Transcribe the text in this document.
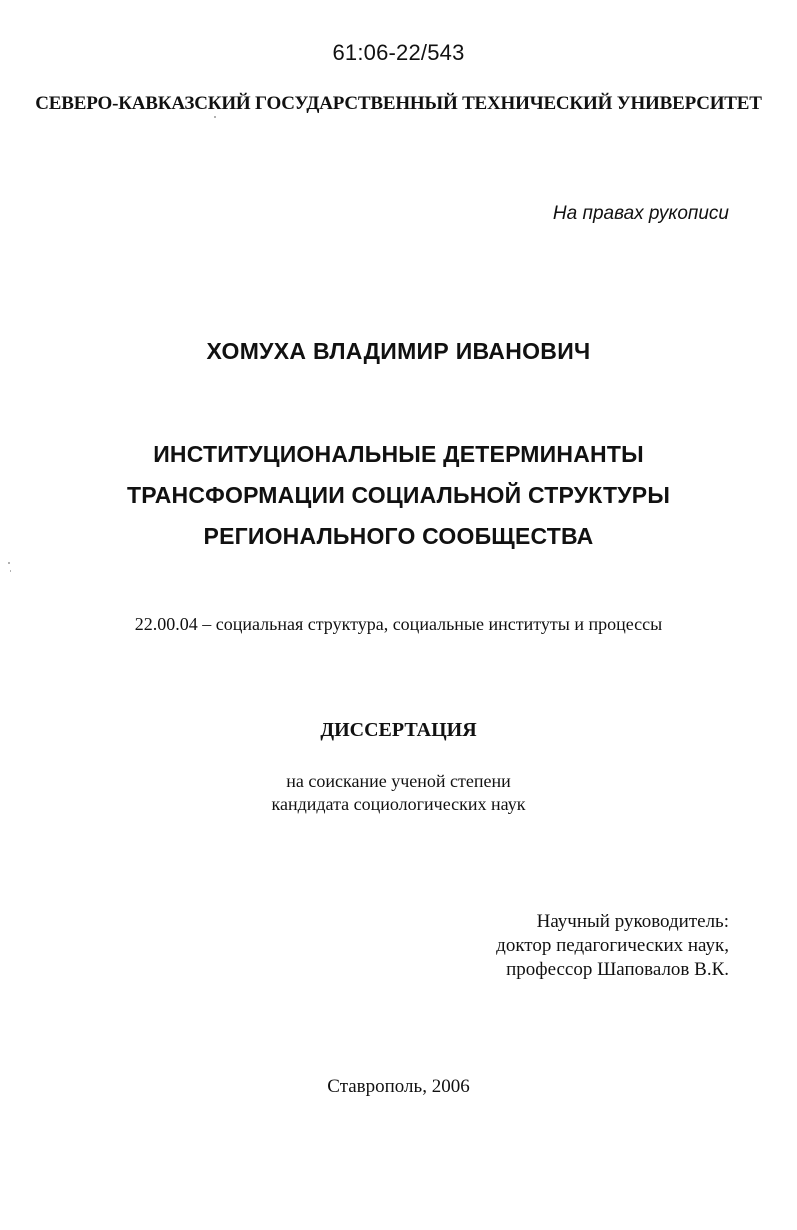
61:06-22/543

СЕВЕРО-КАВКАЗСКИЙ ГОСУДАРСТВЕННЫЙ ТЕХНИЧЕСКИЙ УНИВЕРСИТЕТ

На правах рукописи

ХОМУХА ВЛАДИМИР ИВАНОВИЧ

ИНСТИТУЦИОНАЛЬНЫЕ ДЕТЕРМИНАНТЫ
ТРАНСФОРМАЦИИ СОЦИАЛЬНОЙ СТРУКТУРЫ
РЕГИОНАЛЬНОГО СООБЩЕСТВА

22.00.04 – социальная структура, социальные институты и процессы

ДИССЕРТАЦИЯ

на соискание ученой степени
кандидата социологических наук
Научный руководитель:
доктор педагогических наук,
профессор Шаповалов В.К.

Ставрополь, 2006
